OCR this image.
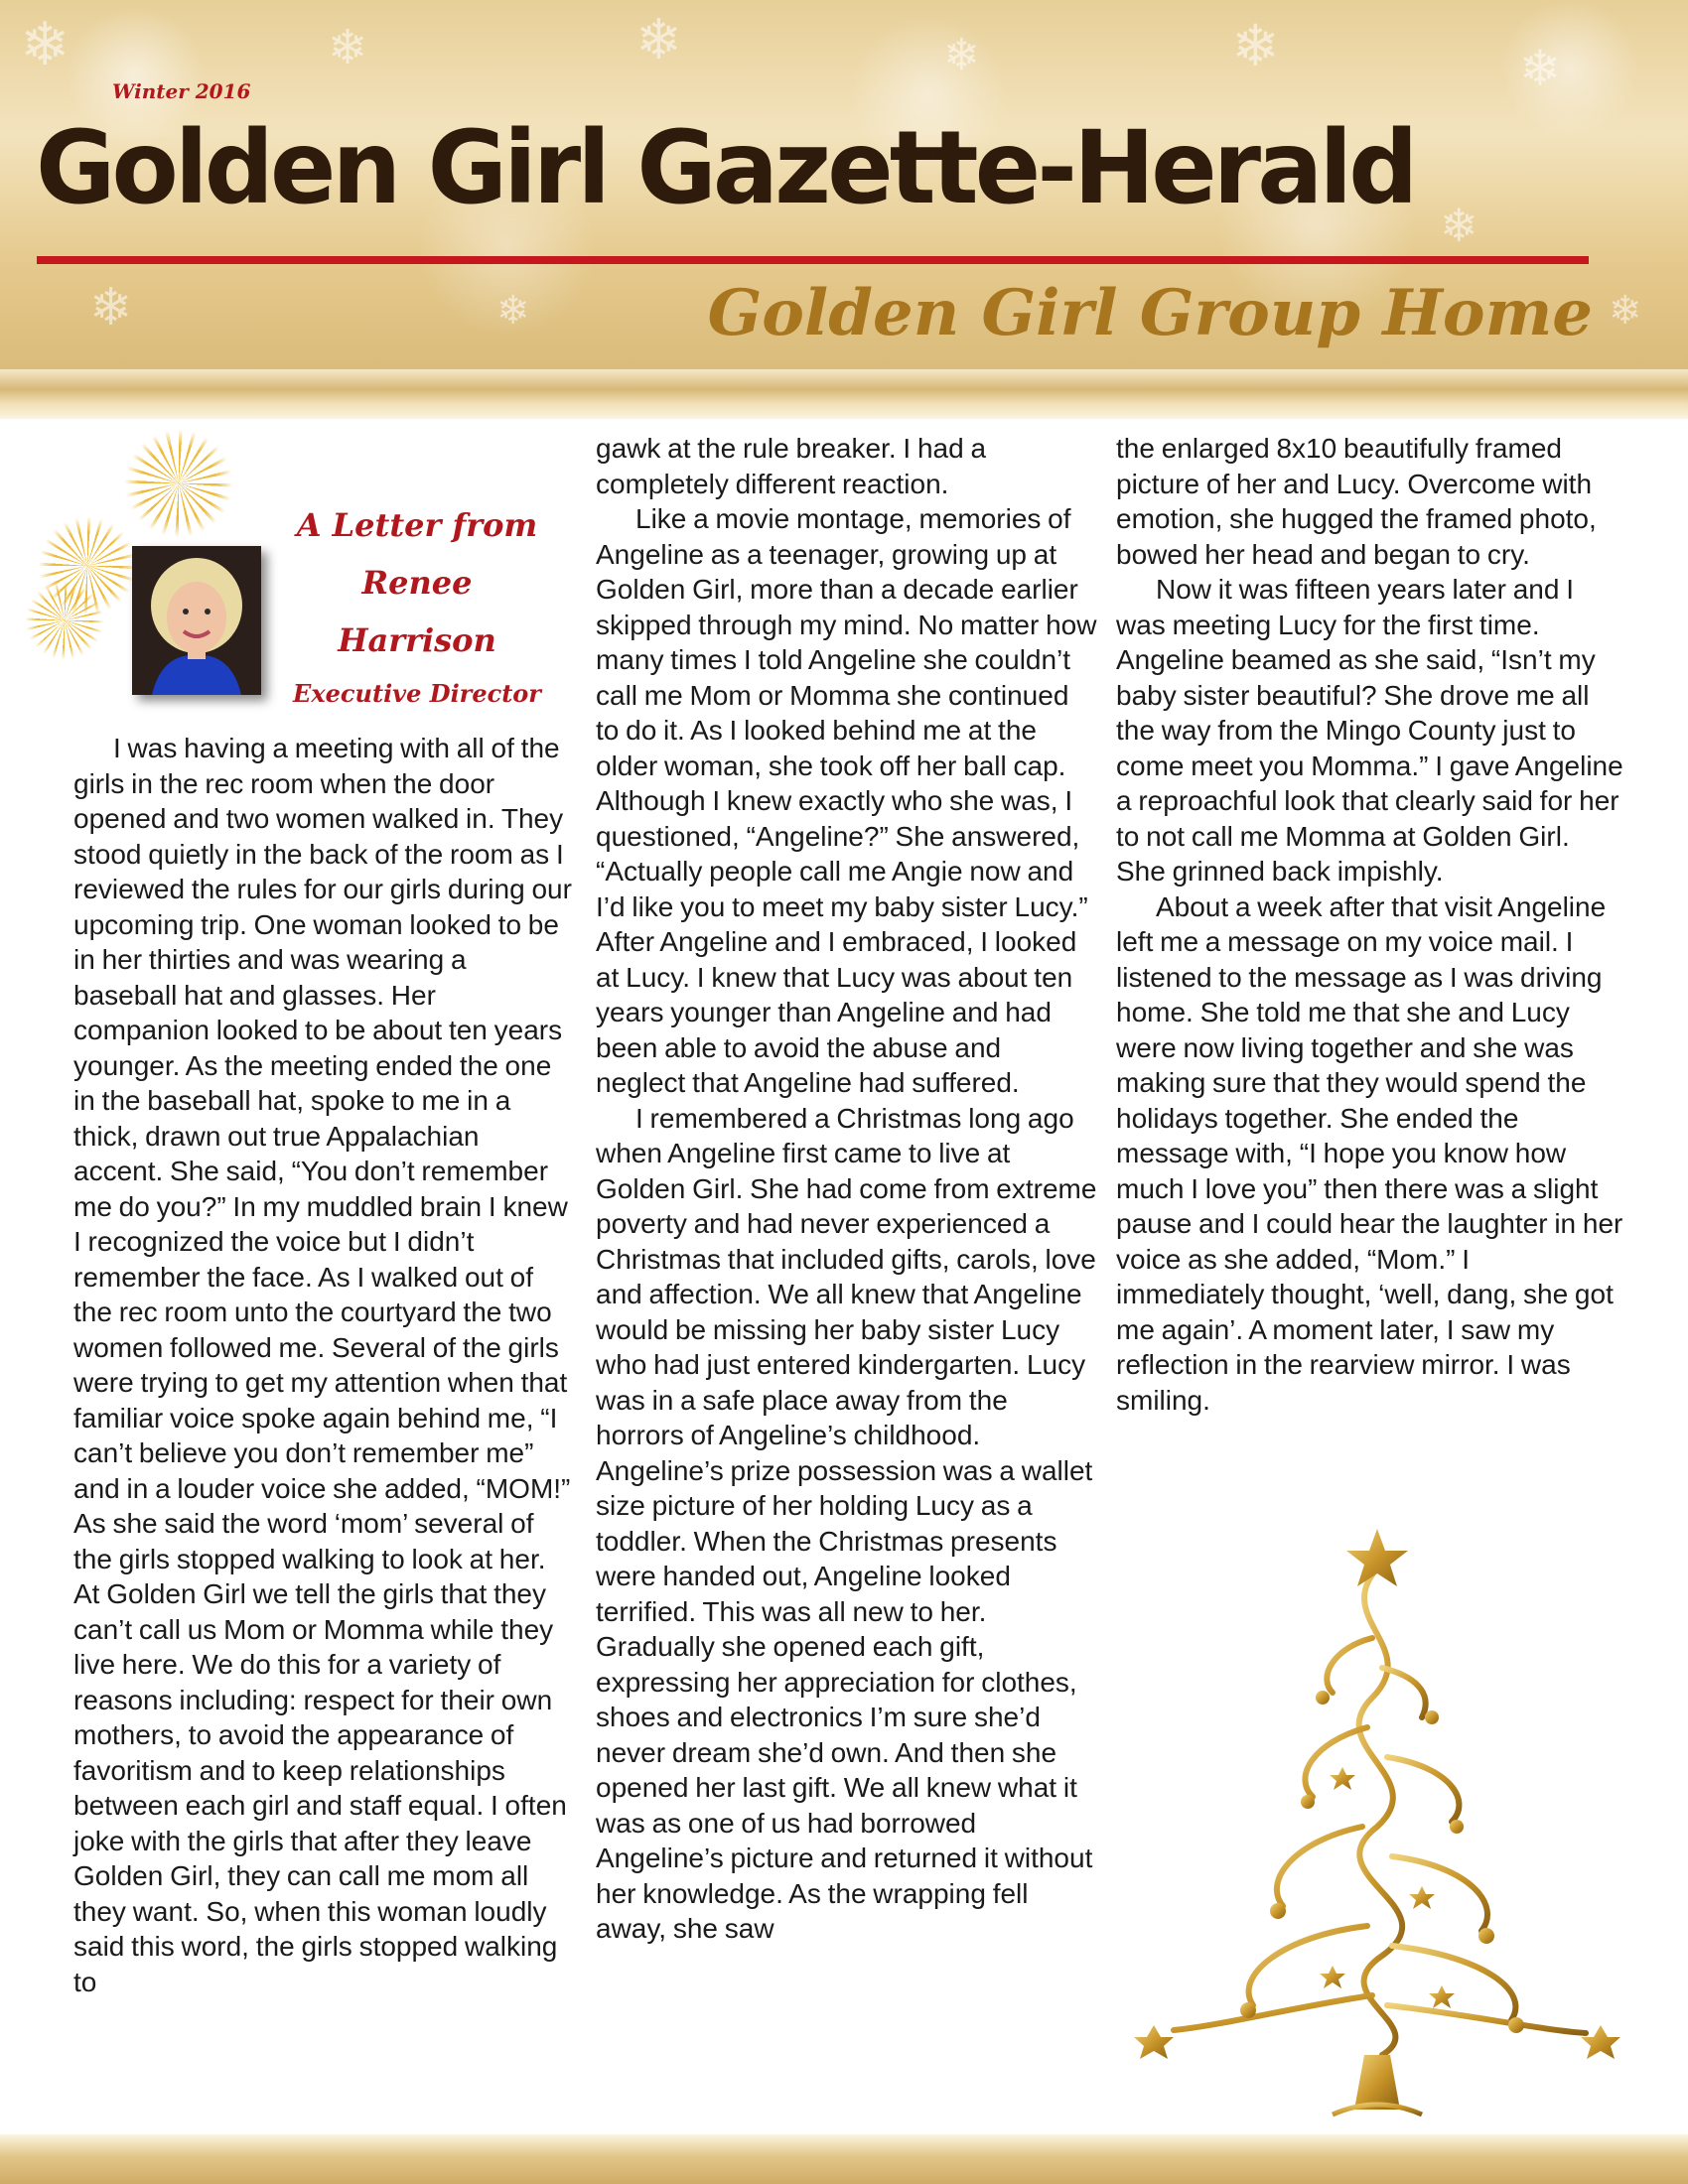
❄	❄	❄	❄	❄	❄
❄
❄	❄	❄
Winter 2016
Golden Girl Gazette-Herald
Golden Girl Group Home
A Letter from
Renee Harrison
Executive Director

I was having a meeting with all of the girls in the rec room when the door opened and two women walked in. They stood quietly in the back of the room as I reviewed the rules for our girls during our upcoming trip. One woman looked to be in her thirties and was wearing a baseball hat and glasses. Her companion looked to be about ten years younger. As the meeting ended the one in the baseball hat, spoke to me in a thick, drawn out true Appalachian accent. She said, “You don’t remember me do you?” In my muddled brain I knew I recognized the voice but I didn’t remember the face. As I walked out of the rec room unto the courtyard the two women followed me. Several of the girls were trying to get my attention when that familiar voice spoke again behind me, “I can’t believe you don’t remember me” and in a louder voice she added, “MOM!” As she said the word ‘mom’ several of the girls stopped walking to look at her. At Golden Girl we tell the girls that they can’t call us Mom or Momma while they live here. We do this for a variety of reasons including: respect for their own mothers, to avoid the appearance of favoritism and to keep relationships between each girl and staff equal. I often joke with the girls that after they leave Golden Girl, they can call me mom all they want. So, when this woman loudly said this word, the girls stopped walking to

gawk at the rule breaker. I had a completely different reaction.

Like a movie montage, memories of Angeline as a teenager, growing up at Golden Girl, more than a decade earlier skipped through my mind. No matter how many times I told Angeline she couldn’t call me Mom or Momma she continued to do it. As I looked behind me at the older woman, she took off her ball cap. Although I knew exactly who she was, I questioned, “Angeline?” She answered, “Actually people call me Angie now and I’d like you to meet my baby sister Lucy.” After Angeline and I embraced, I looked at Lucy. I knew that Lucy was about ten years younger than Angeline and had been able to avoid the abuse and neglect that Angeline had suffered.

I remembered a Christmas long ago when Angeline first came to live at Golden Girl. She had come from extreme poverty and had never experienced a Christmas that included gifts, carols, love and affection. We all knew that Angeline would be missing her baby sister Lucy who had just entered kindergarten. Lucy was in a safe place away from the horrors of Angeline’s childhood. Angeline’s prize possession was a wallet size picture of her holding Lucy as a toddler. When the Christmas presents were handed out, Angeline looked terrified. This was all new to her. Gradually she opened each gift, expressing her appreciation for clothes, shoes and electronics I’m sure she’d never dream she’d own. And then she opened her last gift. We all knew what it was as one of us had borrowed Angeline’s picture and returned it without her knowledge. As the wrapping fell away, she saw

the enlarged 8x10 beautifully framed picture of her and Lucy. Overcome with emotion, she hugged the framed photo, bowed her head and began to cry.

Now it was fifteen years later and I was meeting Lucy for the first time. Angeline beamed as she said, “Isn’t my baby sister beautiful? She drove me all the way from the Mingo County just to come meet you Momma.” I gave Angeline a reproachful look that clearly said for her to not call me Momma at Golden Girl. She grinned back impishly.

About a week after that visit Angeline left me a message on my voice mail. I listened to the message as I was driving home. She told me that she and Lucy were now living together and she was making sure that they would spend the holidays together. She ended the message with, “I hope you know how much I love you” then there was a slight pause and I could hear the laughter in her voice as she added, “Mom.” I immediately thought, ‘well, dang, she got me again’. A moment later, I saw my reflection in the rearview mirror. I was smiling.
